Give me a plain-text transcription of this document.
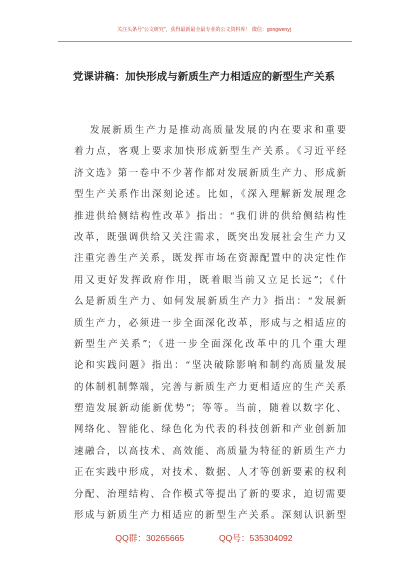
关注头条号“公文研究”，获得最新最全最专业的公文资料库！ 微信：gongwenyj
党课讲稿：加快形成与新质生产力相适应的新型生产关系
发展新质生产力是推动高质量发展的内在要求和重要
着力点，客观上要求加快形成新型生产关系。《习近平经
济文选》第一卷中不少著作都对发展新质生产力、形成新
型生产关系作出深刻论述。比如，《深入理解新发展理念
推进供给侧结构性改革》指出：“我们讲的供给侧结构性
改革，既强调供给又关注需求，既突出发展社会生产力又
注重完善生产关系，既发挥市场在资源配置中的决定性作
用又更好发挥政府作用，既着眼当前又立足长远”；《什
么是新质生产力、如何发展新质生产力》指出：“发展新
质生产力，必须进一步全面深化改革，形成与之相适应的
新型生产关系”；《进一步全面深化改革中的几个重大理
论和实践问题》指出：“坚决破除影响和制约高质量发展
的体制机制弊端，完善与新质生产力更相适应的生产关系
塑造发展新动能新优势”；等等。当前，随着以数字化、
网络化、智能化、绿色化为代表的科技创新和产业创新加
速融合，以高技术、高效能、高质量为特征的新质生产力
正在实践中形成，对技术、数据、人才等创新要素的权利
分配、治理结构、合作模式等提出了新的要求，迫切需要
形成与新质生产力相适应的新型生产关系。深刻认识新型
QQ群：30265665	QQ号：535304092
